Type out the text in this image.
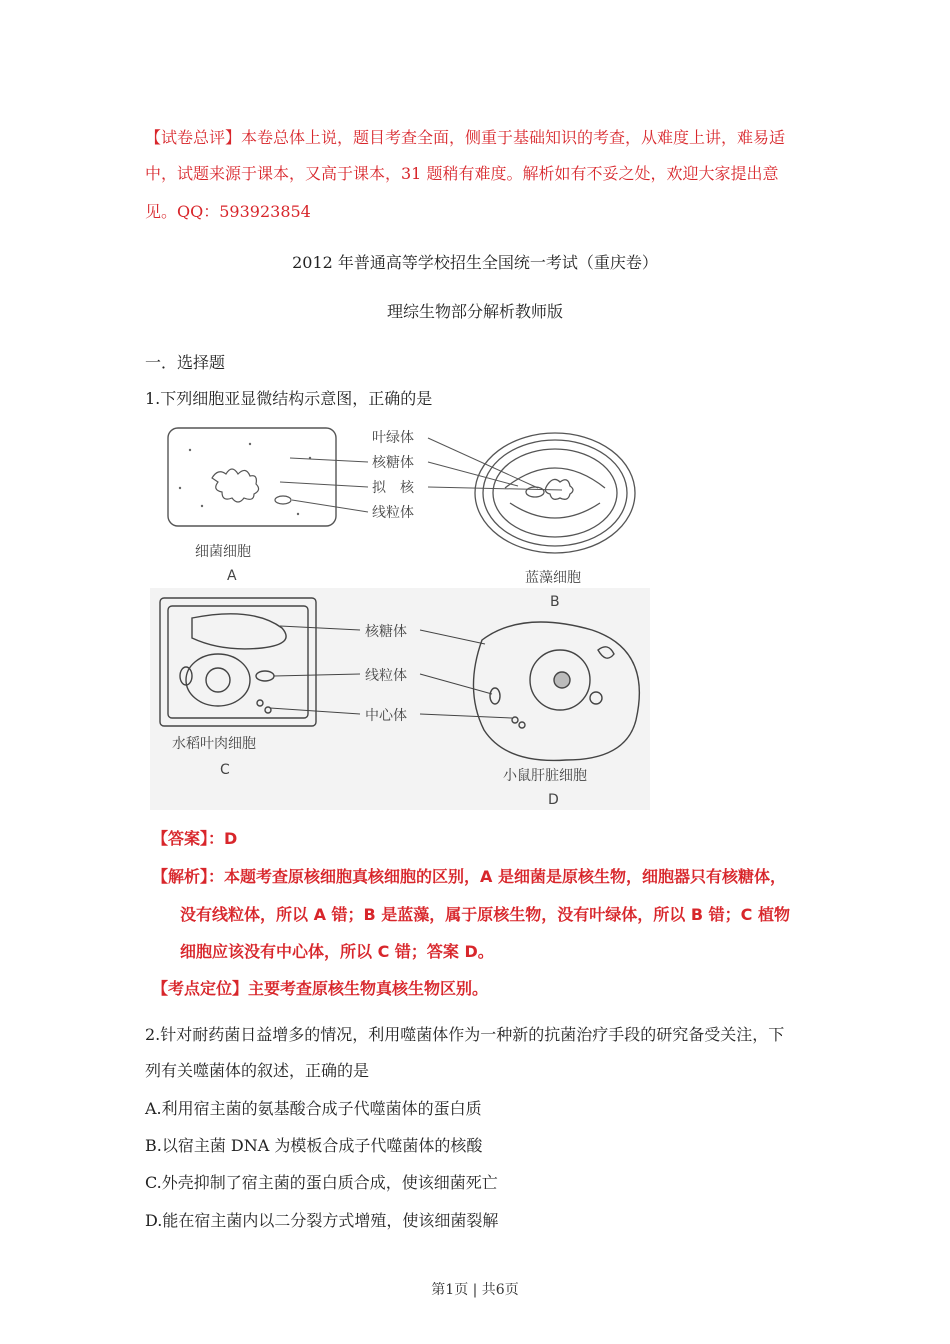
【试卷总评】本卷总体上说，题目考查全面，侧重于基础知识的考查，从难度上讲，难易适
中，试题来源于课本，又高于课本，31 题稍有难度。解析如有不妥之处，欢迎大家提出意
见。QQ：593923854
2012 年普通高等学校招生全国统一考试（重庆卷）
理综生物部分解析教师版
一．选择题
1.下列细胞亚显微结构示意图，正确的是
细菌细胞
A
叶绿体
核糖体
拟　核
线粒体
蓝藻细胞
B
水稻叶肉细胞
C
核糖体
线粒体
中心体
小鼠肝脏细胞
D
【答案】：D
【解析】：本题考查原核细胞真核细胞的区别，A 是细菌是原核生物，细胞器只有核糖体，
没有线粒体，所以 A 错；B 是蓝藻，属于原核生物，没有叶绿体，所以 B 错；C 植物
细胞应该没有中心体，所以 C 错；答案 D。
【考点定位】主要考查原核生物真核生物区别。
2.针对耐药菌日益增多的情况，利用噬菌体作为一种新的抗菌治疗手段的研究备受关注，下
列有关噬菌体的叙述，正确的是
A.利用宿主菌的氨基酸合成子代噬菌体的蛋白质
B.以宿主菌 DNA 为模板合成子代噬菌体的核酸
C.外壳抑制了宿主菌的蛋白质合成，使该细菌死亡
D.能在宿主菌内以二分裂方式增殖，使该细菌裂解
第1页 | 共6页
